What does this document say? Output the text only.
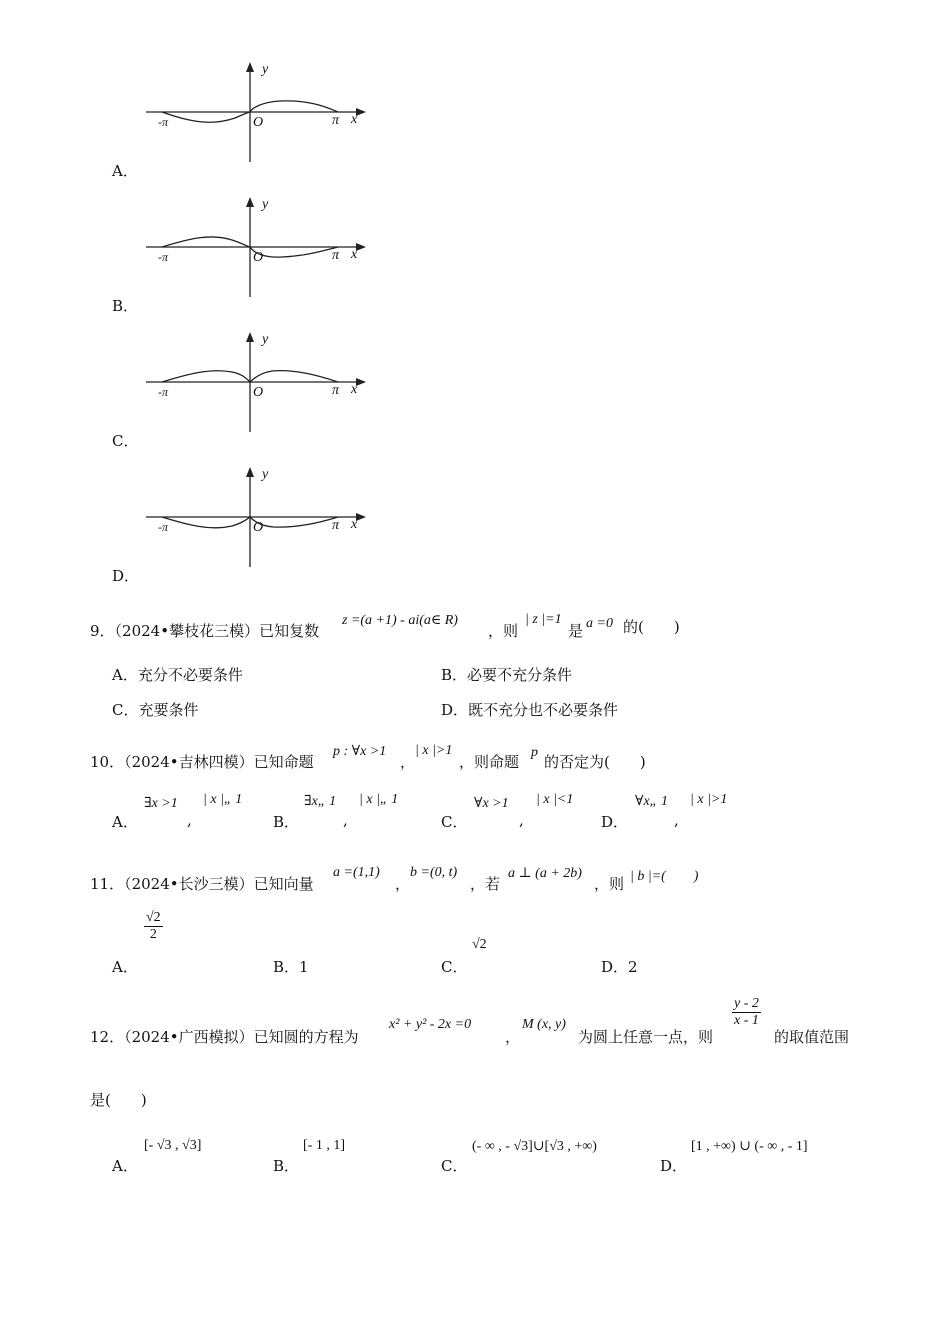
y
x
O
-π	π
A．
y
x
O
-π	π
B．
y
x
O
-π	π
C．
y
x
O
-π	π
D．
9．（2024•攀枝花三模）已知复数
z =(a +1) - ai(a∈ R)
，则
| z |=1
是 a =0 的(　　)
A．充分不必要条件	B．必要不充分条件
C．充要条件	D．既不充分也不必要条件
10．（2024•吉林四模）已知命题
p : ∀x >1
，
| x |>1
，则命题
p
的否定为(　　)
A．
∃x >1
,
| x |„ 1
B．
∃x„ 1
,
| x |„ 1
C．
∀x >1
,
| x |<1
D．
∀x„ 1
,
| x |>1
11．（2024•长沙三模）已知向量
a =(1,1)
，
b =(0, t)
，若
a ⊥ (a + 2b)
，则 | b |=(　　)
A．
$\frac{√2}{2}$
B．1	C．
√2
D．2
12．（2024•广西模拟）已知圆的方程为
x² + y² - 2x =0
，
M (x, y)
为圆上任意一点，则
$\frac{y - 2}{x - 1}$
的取值范围
是(　　)
A．
[- √3 , √3]
B．
[- 1 , 1]
C．
(- ∞ , - √3]∪[√3 , +∞)
D．
[1 , +∞) ∪ (- ∞ , - 1]
